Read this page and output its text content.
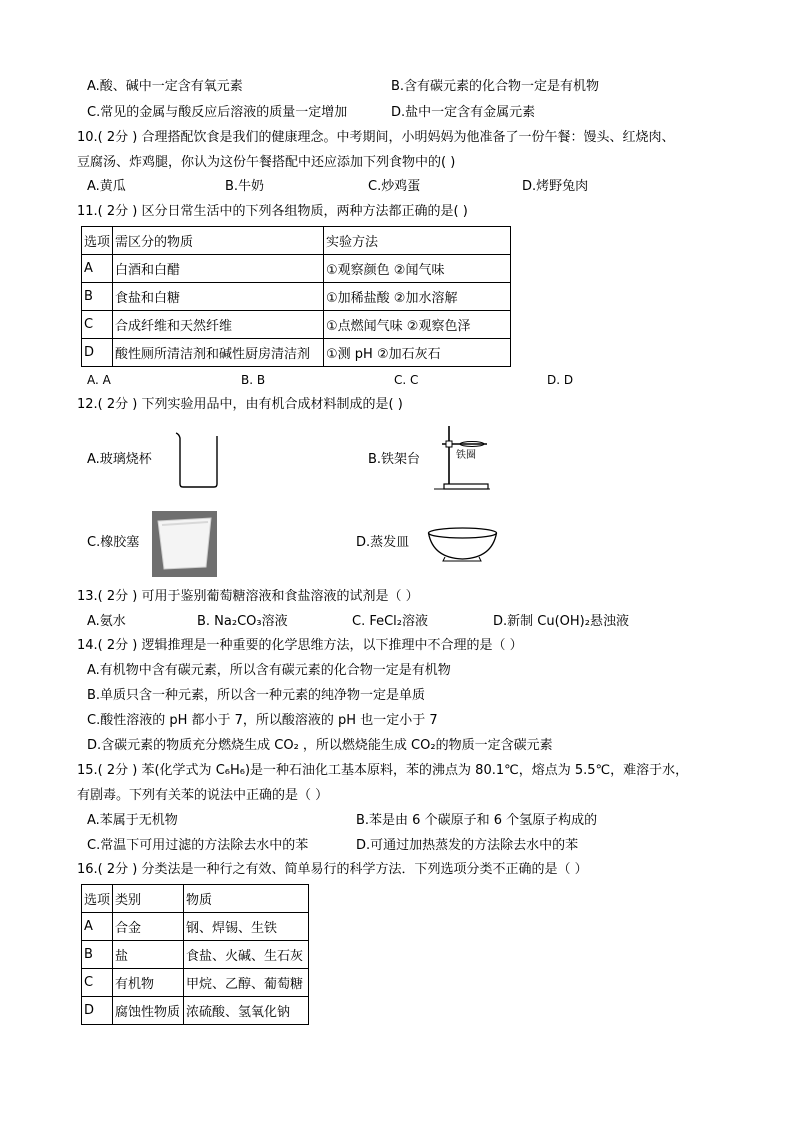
A.酸、碱中一定含有氧元素	B.含有碳元素的化合物一定是有机物
C.常见的金属与酸反应后溶液的质量一定增加	D.盐中一定含有金属元素
10.( 2分 ) 合理搭配饮食是我们的健康理念。中考期间，小明妈妈为他准备了一份午餐：馒头、红烧肉、
豆腐汤、炸鸡腿，你认为这份午餐搭配中还应添加下列食物中的( )
A.黄瓜	B.牛奶	C.炒鸡蛋	D.烤野兔肉
11.( 2分 ) 区分日常生活中的下列各组物质，两种方法都正确的是( )
选项	需区分的物质	实验方法
A	白酒和白醋	①观察颜色 ②闻气味
B	食盐和白糖	①加稀盐酸 ②加水溶解
C	合成纤维和天然纤维	①点燃闻气味 ②观察色泽
D	酸性厕所清洁剂和碱性厨房清洁剂	①测 pH ②加石灰石
A. A	B. B	C. C	D. D
12.( 2分 ) 下列实验用品中，由有机合成材料制成的是( )
A.玻璃烧杯	B.铁架台	铁圈
C.橡胶塞	D.蒸发皿
13.( 2分 ) 可用于鉴别葡萄糖溶液和食盐溶液的试剂是（ ）
A.氨水	B. Na₂CO₃溶液	C. FeCl₂溶液	D.新制 Cu(OH)₂悬浊液
14.( 2分 ) 逻辑推理是一种重要的化学思维方法，以下推理中不合理的是（ ）
A.有机物中含有碳元素，所以含有碳元素的化合物一定是有机物
B.单质只含一种元素，所以含一种元素的纯净物一定是单质
C.酸性溶液的 pH 都小于 7，所以酸溶液的 pH 也一定小于 7
D.含碳元素的物质充分燃烧生成 CO₂ ，所以燃烧能生成 CO₂的物质一定含碳元素
15.( 2分 ) 苯(化学式为 C₆H₆)是一种石油化工基本原料，苯的沸点为 80.1℃，熔点为 5.5℃，难溶于水，
有剧毒。下列有关苯的说法中正确的是（ ）
A.苯属于无机物	B.苯是由 6 个碳原子和 6 个氢原子构成的
C.常温下可用过滤的方法除去水中的苯	D.可通过加热蒸发的方法除去水中的苯
16.( 2分 ) 分类法是一种行之有效、简单易行的科学方法．下列选项分类不正确的是（ ）
选项	类别	物质
A	合金	钢、焊锡、生铁
B	盐	食盐、火碱、生石灰
C	有机物	甲烷、乙醇、葡萄糖
D	腐蚀性物质	浓硫酸、氢氧化钠
